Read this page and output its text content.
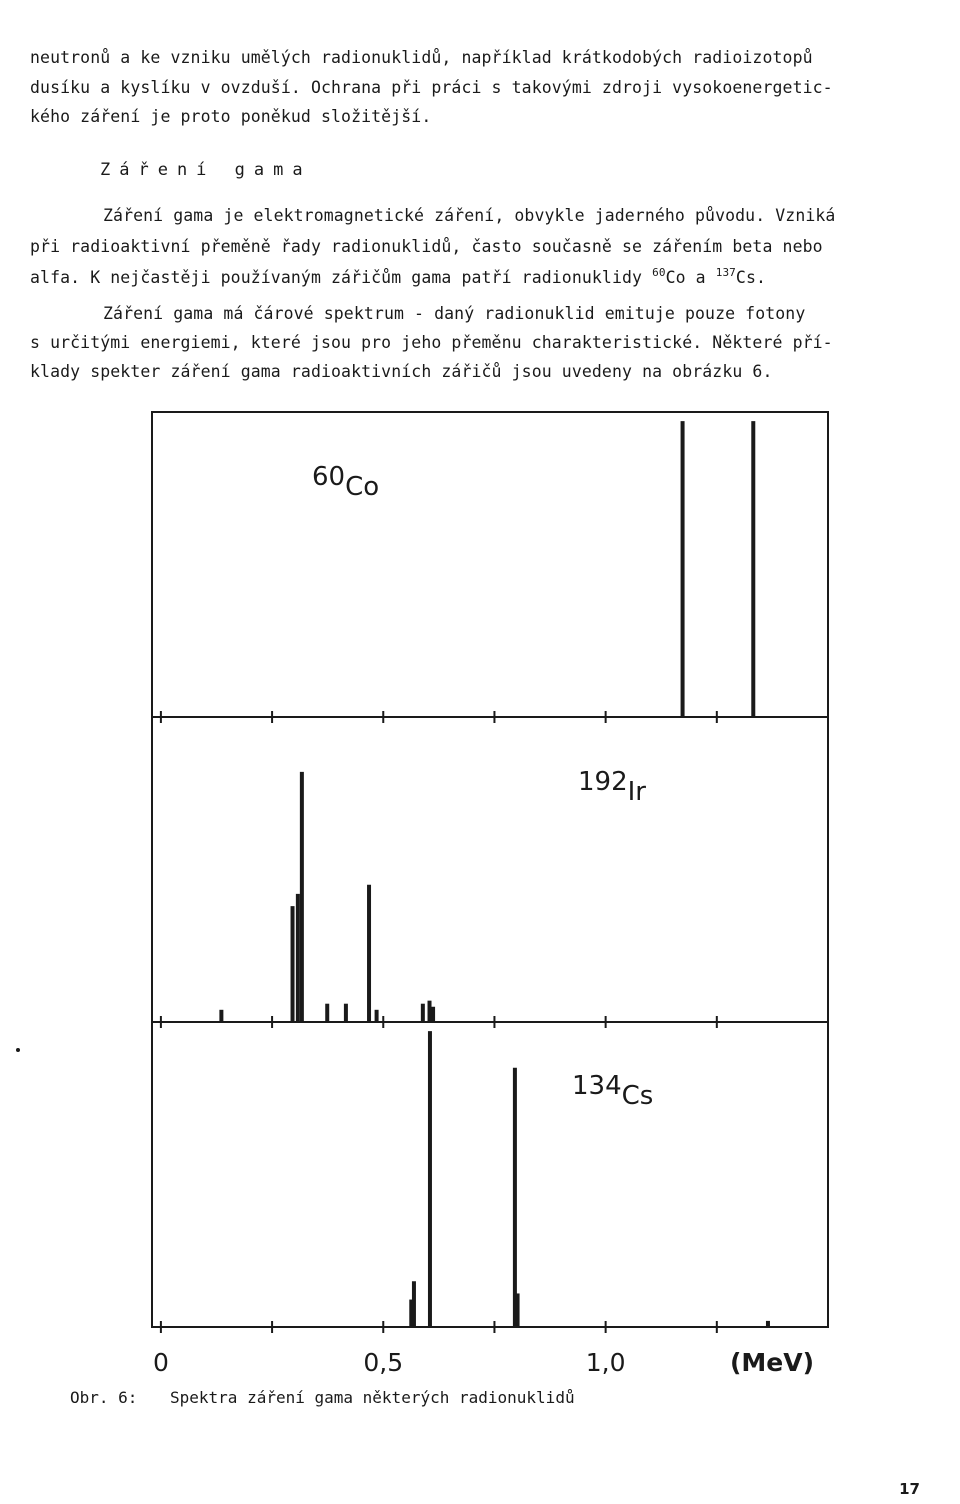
neutronů a ke vzniku umělých radionuklidů, například krátkodobých radioizotopů
dusíku a kyslíku v ovzduší. Ochrana při práci s takovými zdroji vysokoenergetic-
kého záření je proto poněkud složitější.
Záření gama
Záření gama je elektromagnetické záření, obvykle jaderného původu. Vzniká
při radioaktivní přeměně řady radionuklidů, často současně se zářením beta nebo
alfa. K nejčastěji používaným zářičům gama patří radionuklidy $^{60}$Co a $^{137}$Cs.
Záření gama má čárové spektrum - daný radionuklid emituje pouze fotony
s určitými energiemi, které jsou pro jeho přeměnu charakteristické. Některé pří-
klady spekter záření gama radioaktivních zářičů jsou uvedeny na obrázku 6.
60Co
192Ir
134Cs
0	0,5	1,0	(MeV)
Obr. 6: Spektra záření gama některých radionuklidů
17
